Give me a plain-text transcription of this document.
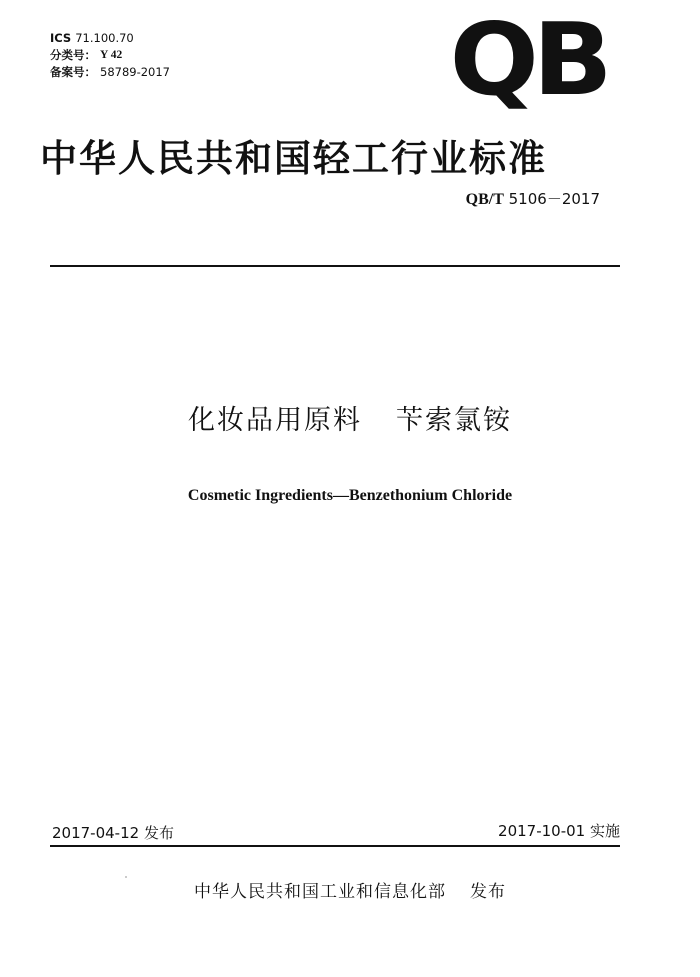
ICS 71.100.70
分类号： Y 42
备案号： 58789-2017	QB
中华人民共和国轻工行业标准
QB/T 5106－2017
化妆品用原料 苄索氯铵
Cosmetic Ingredients—Benzethonium Chloride
2017-04-12 发布	2017-10-01 实施
中华人民共和国工业和信息化部 发布
